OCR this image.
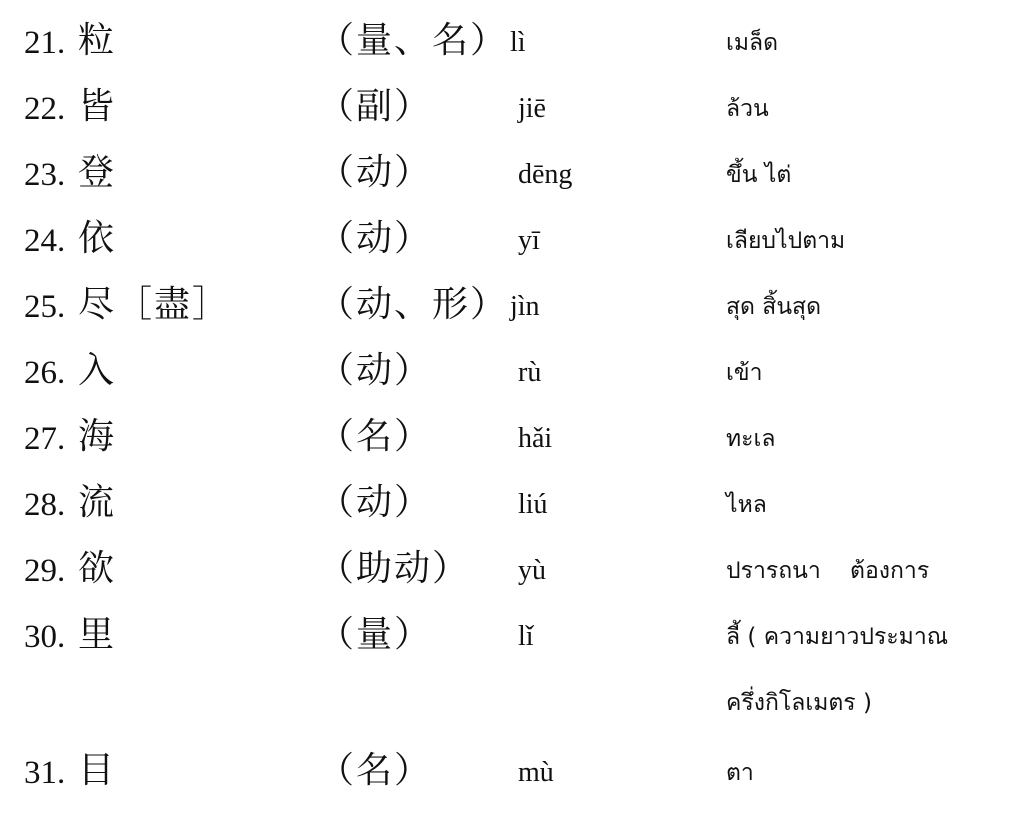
21. 粒	（量、名） lì	เมล็ด
22. 皆	（副）	jiē	ล้วน
23. 登	（动）	dēng	ขึ้น ไต่
24. 依	（动）	yī	เลียบไปตาม
25. 尽［盡］ （动、形） jìn	สุด สิ้นสุด
26. 入	（动）	rù	เข้า
27. 海	（名）	hǎi	ทะเล
28. 流	（动）	liú	ไหล
29. 欲	（助动） yù	ปรารถนา    ต้องการ
30. 里	（量）	lǐ	ลี้ ( ความยาวประมาณ
ครึ่งกิโลเมตร )
31. 目	（名）	mù	ตา
